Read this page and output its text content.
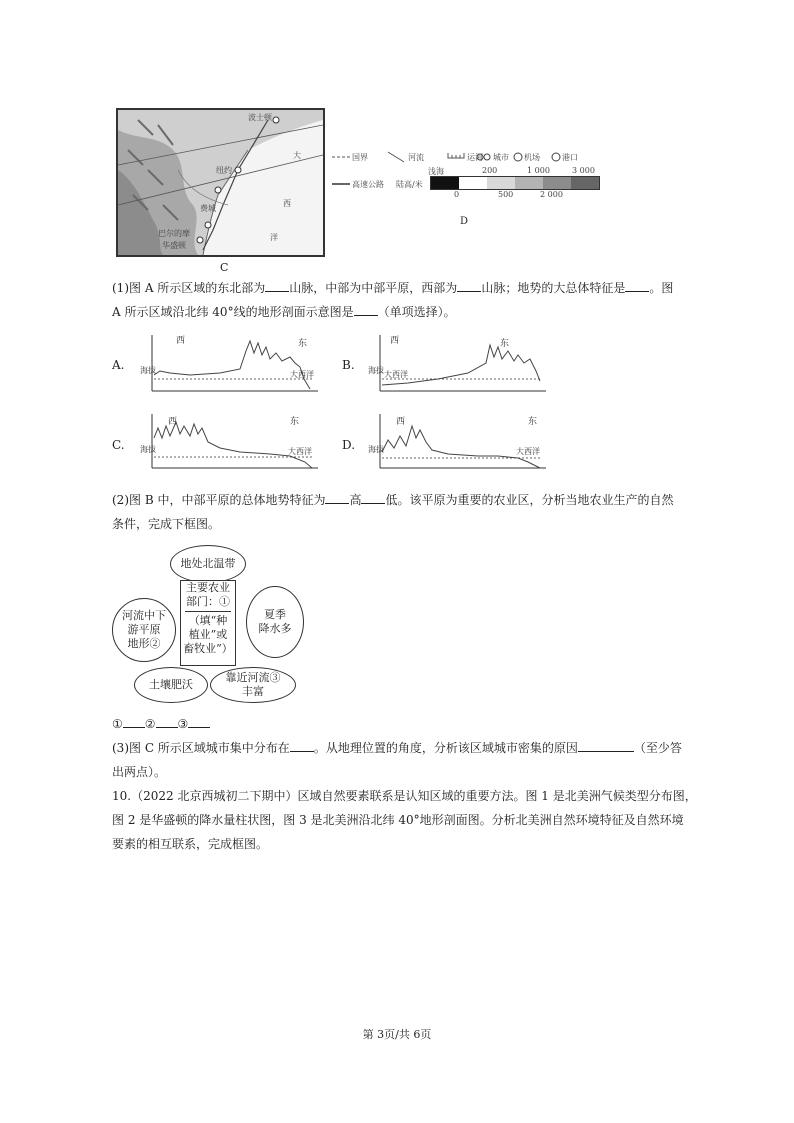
波士顿
纽约
费城
巴尔的摩
华盛顿
大
西
洋
C
国界	河流	运河 城市 机场	港口
高速公路 陆高/米
浅海	200	1 000	3 000
0	500	2 000
D
(1)图 A 所示区域的东北部为 山脉，中部为中部平原，西部为 山脉；地势的大总体特征是 。图
A 所示区域沿北纬 40°线的地形剖面示意图是 （单项选择）。
A.
西	东
大西洋
海拔	B.
西	东
大西洋
海拔
C.
西	东
大西洋
海拔	D.
西	东
大西洋
海拔
(2)图 B 中，中部平原的总体地势特征为 高 低。该平原为重要的农业区，分析当地农业生产的自然
条件，完成下框图。
地处北温带
主要农业
部门：①
（填“种
植业”或
畜牧业”）
河流中下
游平原
地形②
夏季
降水多
土壤肥沃
靠近河流③
丰富
① ② ③
(3)图 C 所示区域城市集中分布在 。从地理位置的角度，分析该区域城市密集的原因	（至少答
出两点）。
10.（2022 北京西城初二下期中）区域自然要素联系是认知区域的重要方法。图 1 是北美洲气候类型分布图，
图 2 是华盛顿的降水量柱状图，图 3 是北美洲沿北纬 40°地形剖面图。分析北美洲自然环境特征及自然环境
要素的相互联系，完成框图。
第 3页/共 6页
